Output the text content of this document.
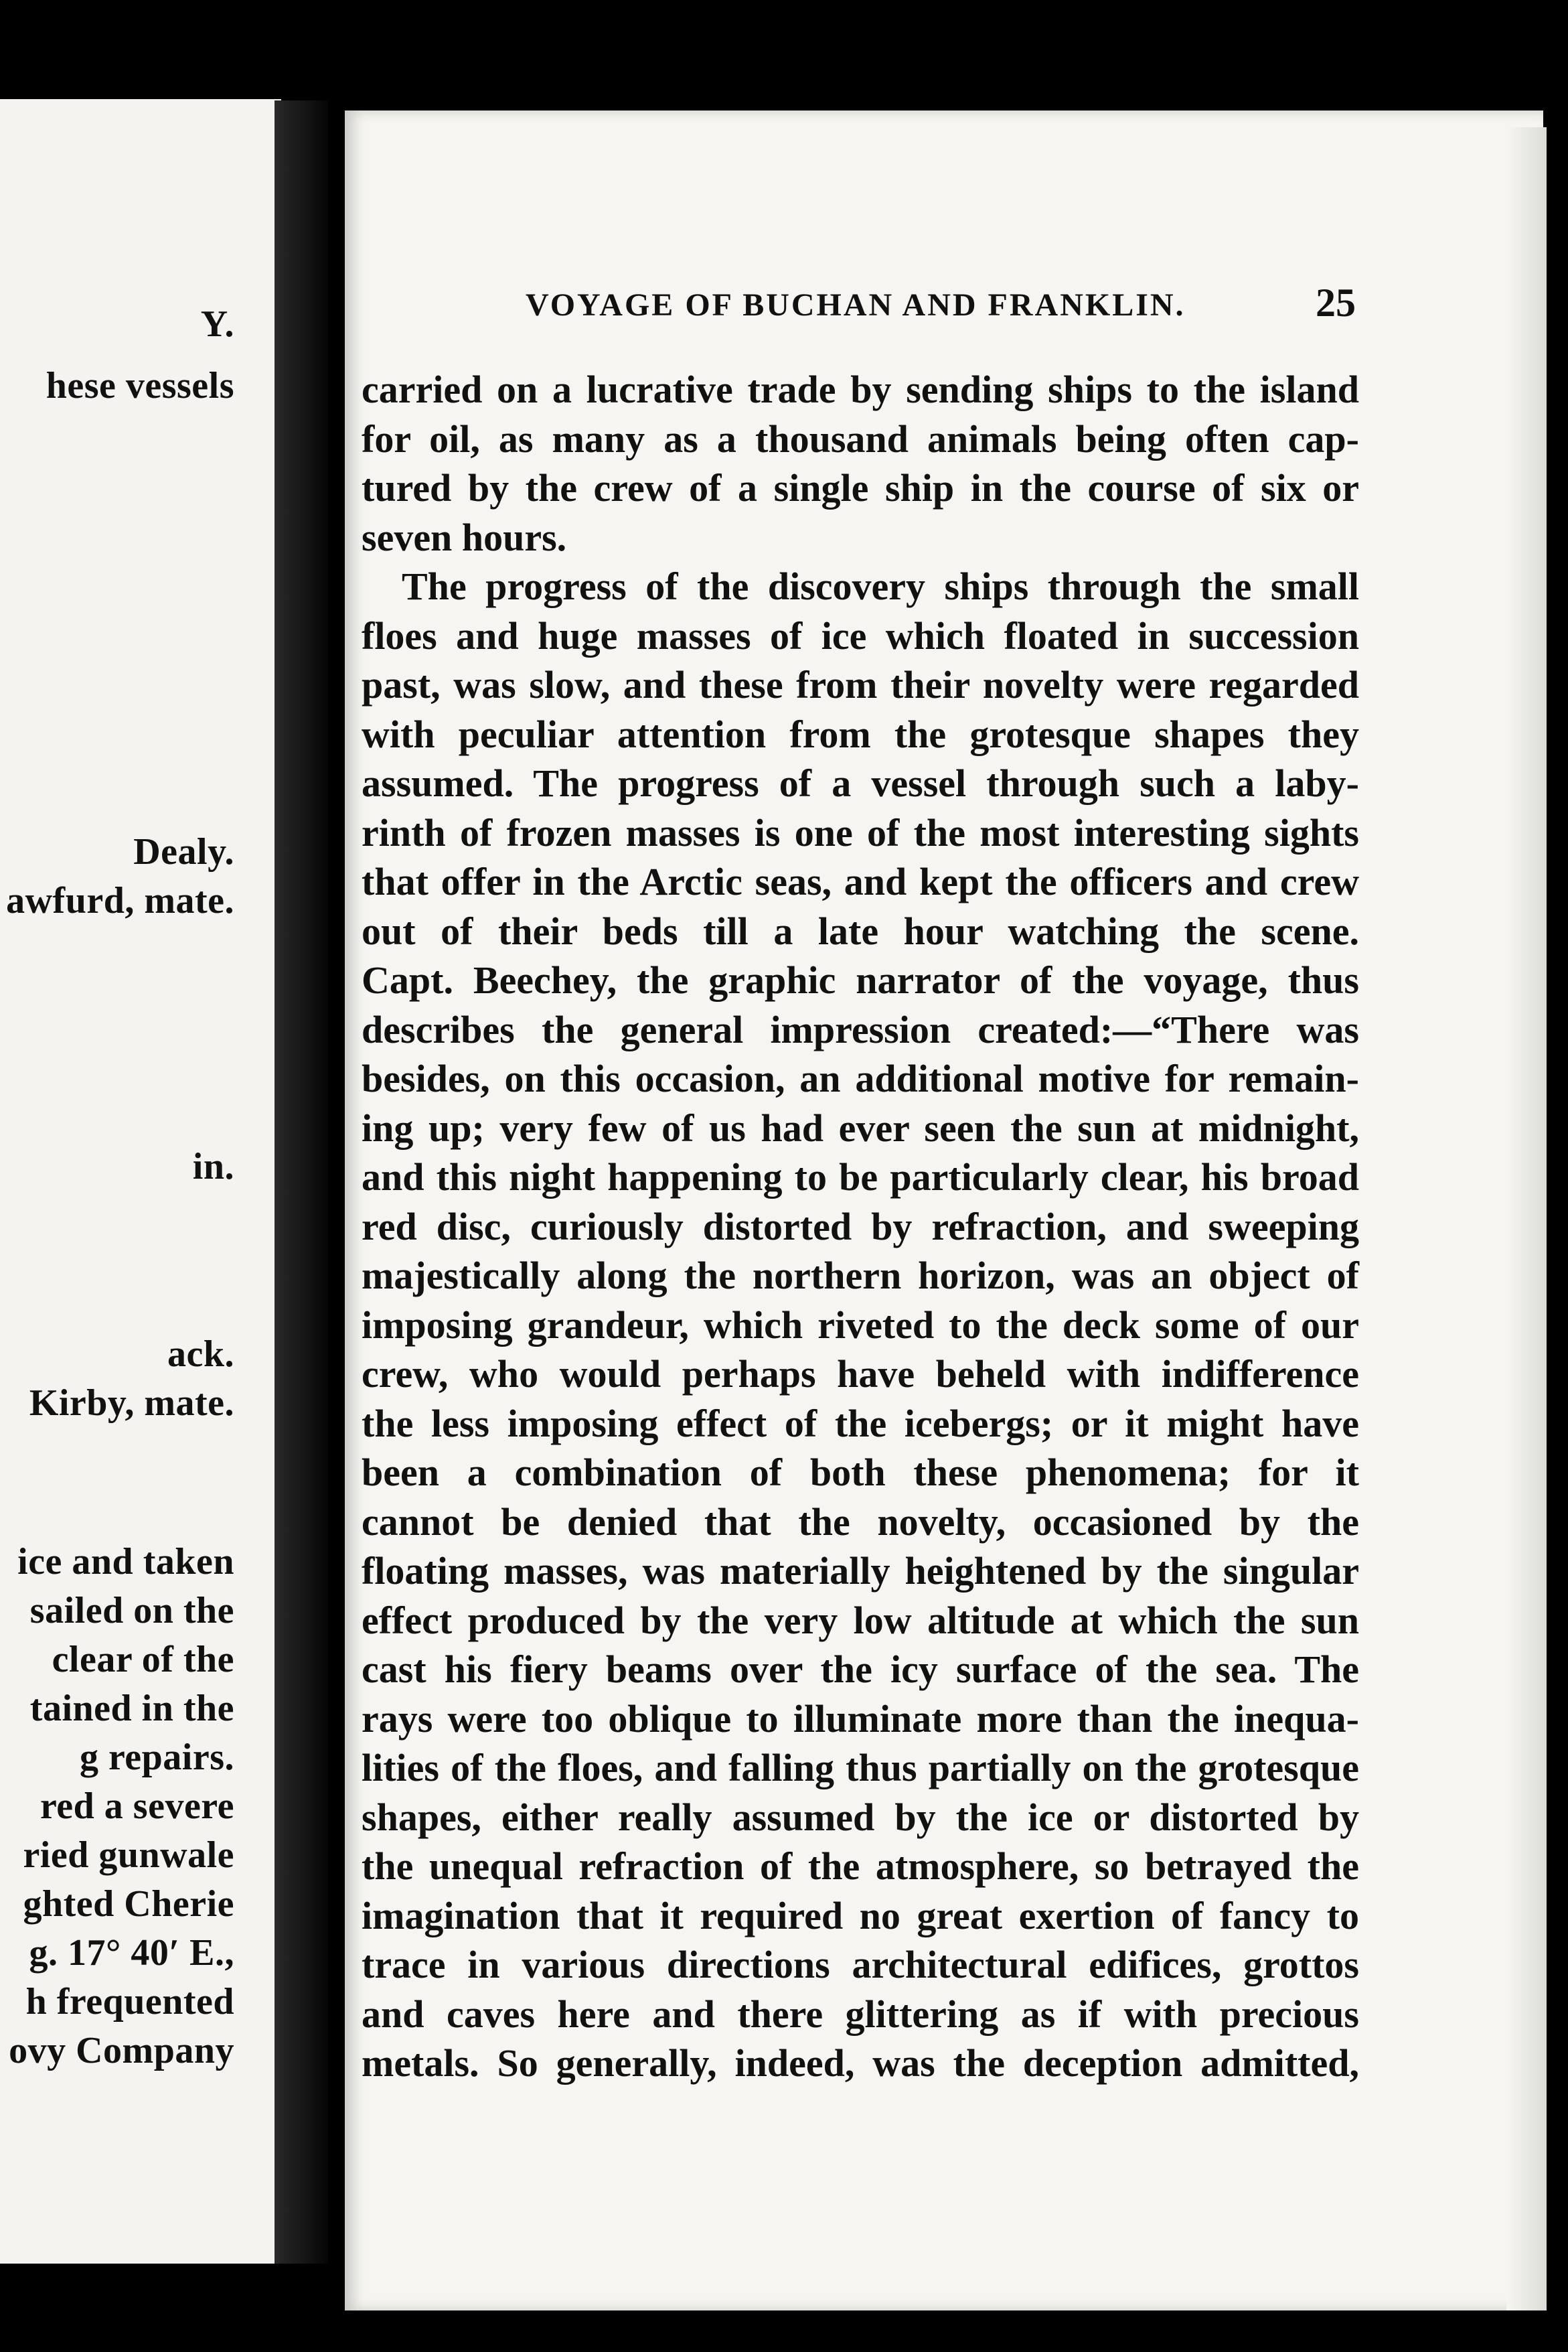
Y.
hese vessels
Dealy.
awfurd, mate.
in.
ack.
Kirby, mate.
ice and taken
sailed on the
clear of the
tained in the
g repairs.
red a severe
ried gunwale
ghted Cherie
g. 17° 40′ E.,
h frequented
ovy Company
VOYAGE OF BUCHAN AND FRANKLIN.	25
carried on a lucrative trade by sending ships to the island
for oil, as many as a thousand animals being often cap-
tured by the crew of a single ship in the course of six or
seven hours.
The progress of the discovery ships through the small
floes and huge masses of ice which floated in succession
past, was slow, and these from their novelty were regarded
with peculiar attention from the grotesque shapes they
assumed. The progress of a vessel through such a laby-
rinth of frozen masses is one of the most interesting sights
that offer in the Arctic seas, and kept the officers and crew
out of their beds till a late hour watching the scene.
Capt. Beechey, the graphic narrator of the voyage, thus
describes the general impression created:—“There was
besides, on this occasion, an additional motive for remain-
ing up; very few of us had ever seen the sun at midnight,
and this night happening to be particularly clear, his broad
red disc, curiously distorted by refraction, and sweeping
majestically along the northern horizon, was an object of
imposing grandeur, which riveted to the deck some of our
crew, who would perhaps have beheld with indifference
the less imposing effect of the icebergs; or it might have
been a combination of both these phenomena; for it
cannot be denied that the novelty, occasioned by the
floating masses, was materially heightened by the singular
effect produced by the very low altitude at which the sun
cast his fiery beams over the icy surface of the sea. The
rays were too oblique to illuminate more than the inequa-
lities of the floes, and falling thus partially on the grotesque
shapes, either really assumed by the ice or distorted by
the unequal refraction of the atmosphere, so betrayed the
imagination that it required no great exertion of fancy to
trace in various directions architectural edifices, grottos
and caves here and there glittering as if with precious
metals. So generally, indeed, was the deception admitted,
